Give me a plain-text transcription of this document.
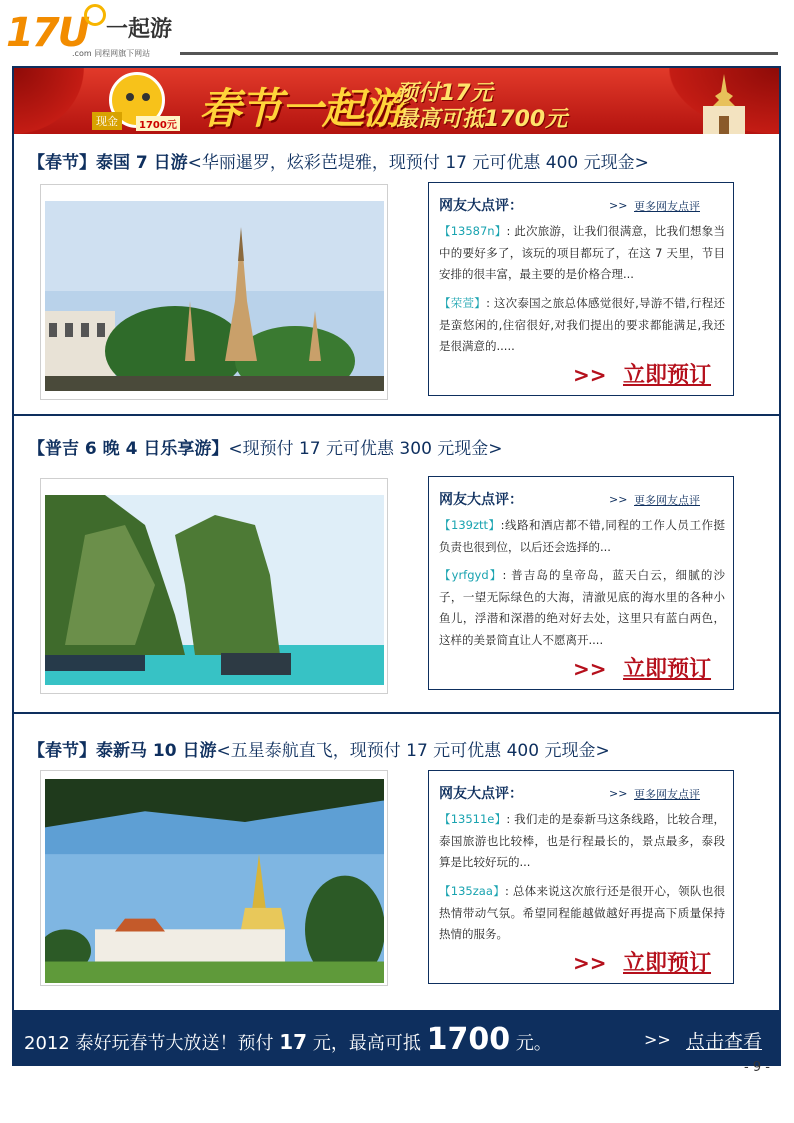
17U 一起游
.com 同程网旗下网站
现金	1700元 春节一起游
预付17元
最高可抵1700元
【春节】泰国 7 日游<华丽暹罗，炫彩芭堤雅，现预付 17 元可优惠 400 元现金>
网友大点评：	>> 更多网友点评
【13587n】: 此次旅游，让我们很满意，比我们想象当中的要好多了，该玩的项目都玩了，在这 7 天里，节目安排的很丰富，最主要的是价格合理...
【荣萱】: 这次泰国之旅总体感觉很好,导游不错,行程还是蛮悠闲的,住宿很好,对我们提出的要求都能满足,我还是很满意的.....
>> 立即预订
【普吉 6 晚 4 日乐享游】<现预付 17 元可优惠 300 元现金>
网友大点评：	>> 更多网友点评
【139ztt】:线路和酒店都不错,同程的工作人员工作挺负责也很到位，以后还会选择的...
【yrfgyd】: 普吉岛的皇帝岛，蓝天白云，细腻的沙子，一望无际绿色的大海，清澈见底的海水里的各种小鱼儿，浮潜和深潜的绝对好去处，这里只有蓝白两色，这样的美景简直让人不愿离开....
>> 立即预订
【春节】泰新马 10 日游<五星泰航直飞，现预付 17 元可优惠 400 元现金>
网友大点评：	>> 更多网友点评
【13511e】: 我们走的是泰新马这条线路，比较合理，泰国旅游也比较棒，也是行程最长的，景点最多，泰段算是比较好玩的...
【135zaa】: 总体来说这次旅行还是很开心，领队也很热情带动气氛。希望同程能越做越好再提高下质量保持热情的服务。
>> 立即预订
2012 泰好玩春节大放送！预付 17 元，最高可抵 1700 元。	>> 点击查看
- 9 -
